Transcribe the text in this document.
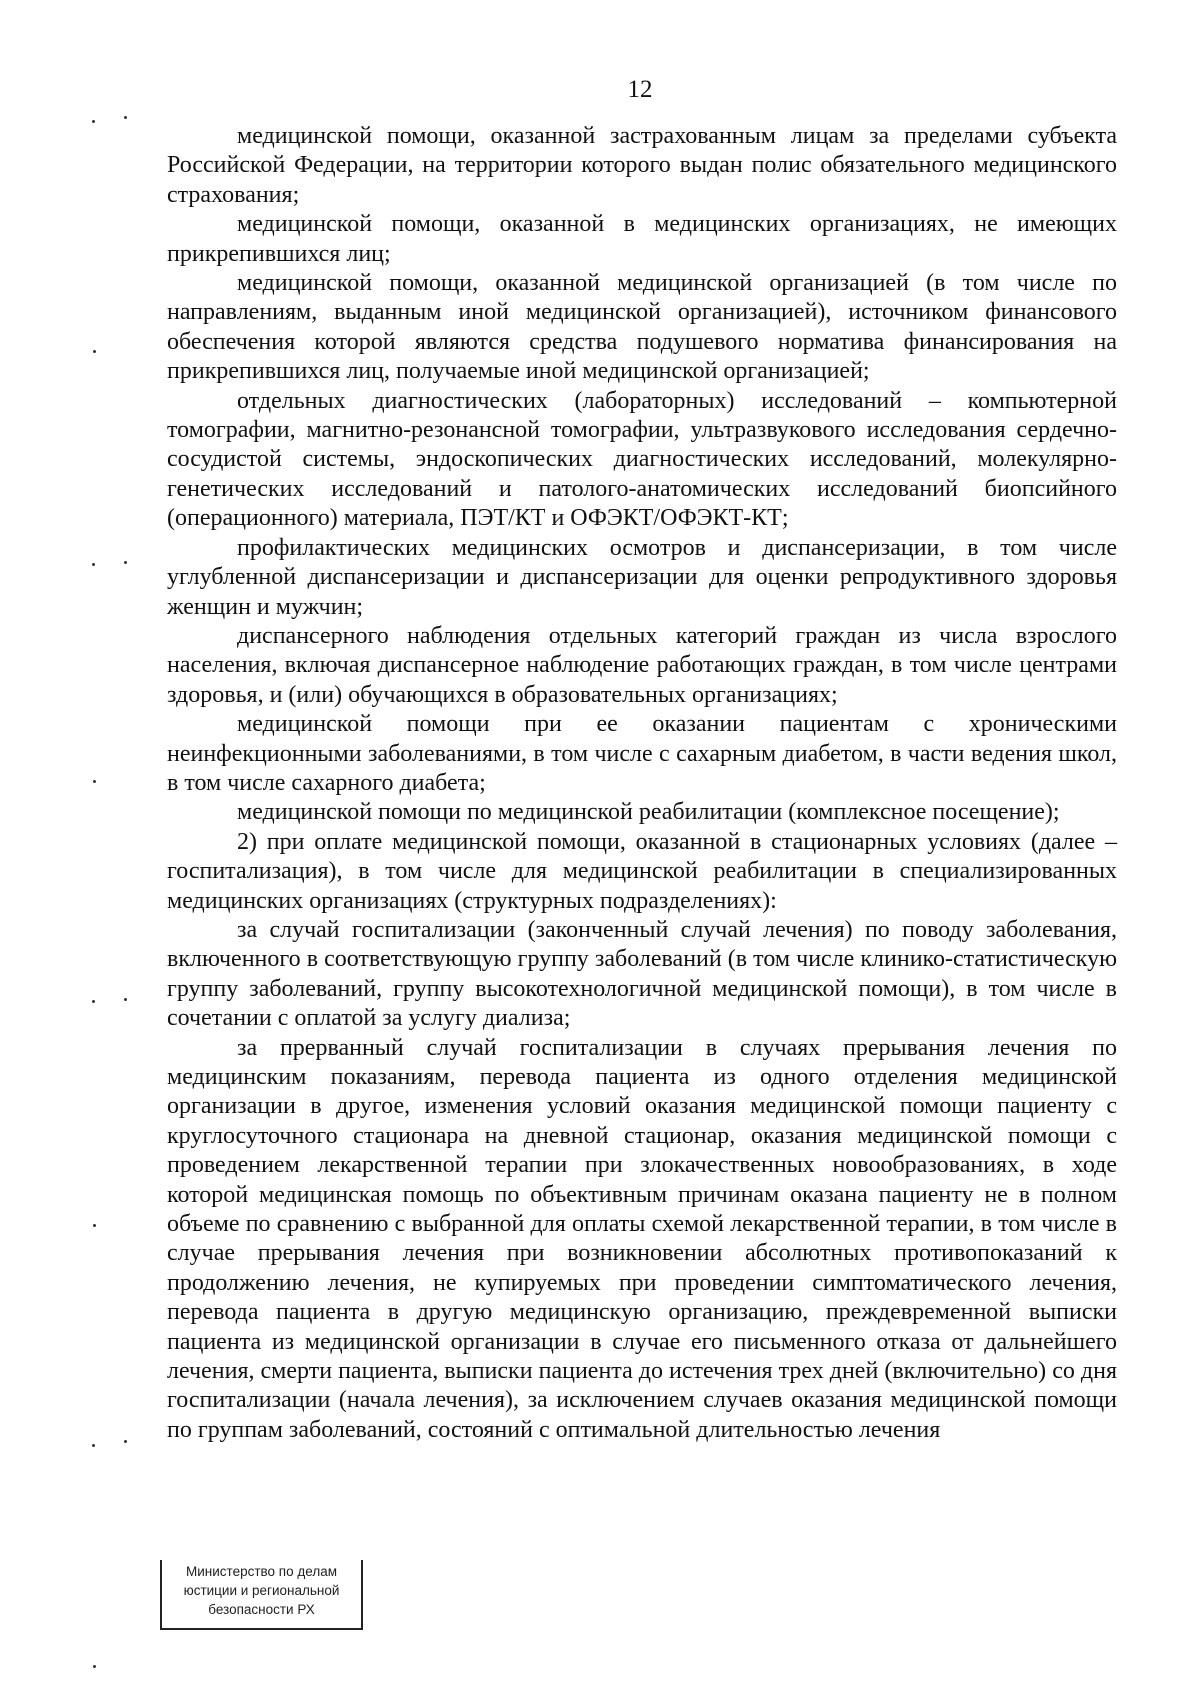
12

медицинской помощи, оказанной застрахованным лицам за пределами субъекта Российской Федерации, на территории которого выдан полис обязательного медицинского страхования;

медицинской помощи, оказанной в медицинских организациях, не имеющих прикрепившихся лиц;

медицинской помощи, оказанной медицинской организацией (в том числе по направлениям, выданным иной медицинской организацией), источником финансового обеспечения которой являются средства подушевого норматива финансирования на прикрепившихся лиц, получаемые иной медицинской организацией;

отдельных диагностических (лабораторных) исследований – компьютерной томографии, магнитно-резонансной томографии, ультразвукового исследования сердечно-сосудистой системы, эндоскопических диагностических исследований, молекулярно-генетических исследований и патолого-анатомических исследований биопсийного (операционного) материала, ПЭТ/КТ и ОФЭКТ/ОФЭКТ-КТ;

профилактических медицинских осмотров и диспансеризации, в том числе углубленной диспансеризации и диспансеризации для оценки репродуктивного здоровья женщин и мужчин;

диспансерного наблюдения отдельных категорий граждан из числа взрослого населения, включая диспансерное наблюдение работающих граждан, в том числе центрами здоровья, и (или) обучающихся в образовательных организациях;

медицинской помощи при ее оказании пациентам с хроническими неинфекционными заболеваниями, в том числе с сахарным диабетом, в части ведения школ, в том числе сахарного диабета;

медицинской помощи по медицинской реабилитации (комплексное посещение);

2) при оплате медицинской помощи, оказанной в стационарных условиях (далее – госпитализация), в том числе для медицинской реабилитации в специализированных медицинских организациях (структурных подразделениях):

за случай госпитализации (законченный случай лечения) по поводу заболевания, включенного в соответствующую группу заболеваний (в том числе клинико-статистическую группу заболеваний, группу высокотехнологичной медицинской помощи), в том числе в сочетании с оплатой за услугу диализа;

за прерванный случай госпитализации в случаях прерывания лечения по медицинским показаниям, перевода пациента из одного отделения медицинской организации в другое, изменения условий оказания медицинской помощи пациенту с круглосуточного стационара на дневной стационар, оказания медицинской помощи с проведением лекарственной терапии при злокачественных новообразованиях, в ходе которой медицинская помощь по объективным причинам оказана пациенту не в полном объеме по сравнению с выбранной для оплаты схемой лекарственной терапии, в том числе в случае прерывания лечения при возникновении абсолютных противопоказаний к продолжению лечения, не купируемых при проведении симптоматического лечения, перевода пациента в другую медицинскую организацию, преждевременной выписки пациента из медицинской организации в случае его письменного отказа от дальнейшего лечения, смерти пациента, выписки пациента до истечения трех дней (включительно) со дня госпитализации (начала лечения), за исключением случаев оказания медицинской помощи по группам заболеваний, состояний с оптимальной длительностью лечения

Министерство по делам
юстиции и региональной
безопасности РХ
